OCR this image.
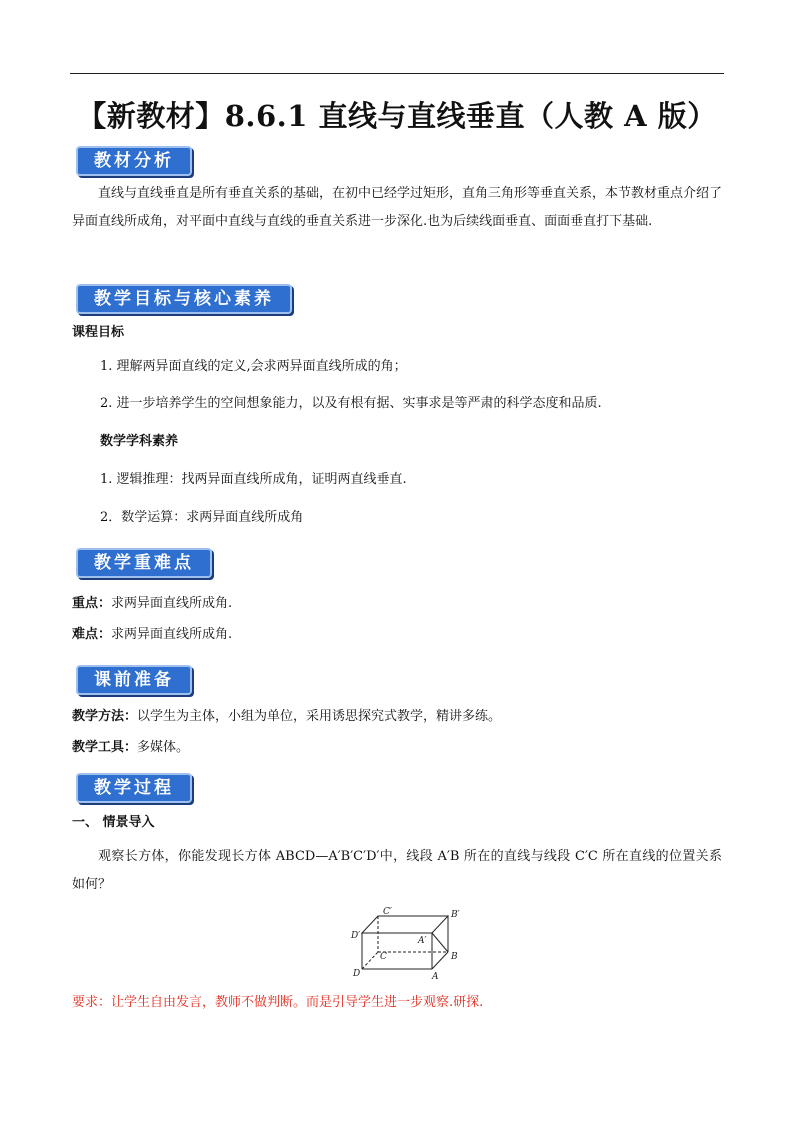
【新教材】8.6.1 直线与直线垂直（人教 A 版）
教材分析
直线与直线垂直是所有垂直关系的基础，在初中已经学过矩形，直角三角形等垂直关系，本节教材重点介绍了异面直线所成角，对平面中直线与直线的垂直关系进一步深化.也为后续线面垂直、面面垂直打下基础.
教学目标与核心素养
课程目标
1. 理解两异面直线的定义,会求两异面直线所成的角；
2. 进一步培养学生的空间想象能力，以及有根有据、实事求是等严肃的科学态度和品质.
数学学科素养
1. 逻辑推理：找两异面直线所成角，证明两直线垂直.
2．数学运算：求两异面直线所成角
教学重难点
重点：求两异面直线所成角.
难点：求两异面直线所成角.
课前准备
教学方法：以学生为主体，小组为单位，采用诱思探究式教学，精讲多练。
教学工具：多媒体。
教学过程
一、 情景导入
观察长方体，你能发现长方体 ABCD—A′B′C′D′中，线段 A′B 所在的直线与线段 C′C 所在直线的位置关系如何？
C′	B′
D′	A′
C	B
D	A
要求：让学生自由发言，教师不做判断。而是引导学生进一步观察.研探.
